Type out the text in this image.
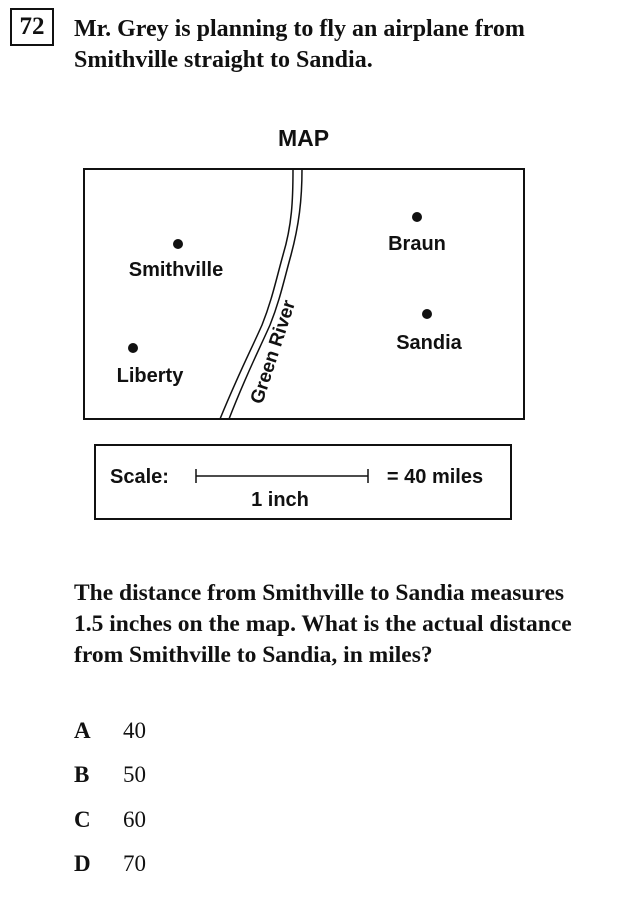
72	Mr. Grey is planning to fly an airplane from Smithville straight to Sandia.
MAP
Green River
Smithville
Liberty
Braun
Sandia
Scale:	= 40 miles
1 inch
The distance from Smithville to Sandia measures 1.5 inches on the map. What is the actual distance from Smithville to Sandia, in miles?
A 40
B 50
C 60
D 70
